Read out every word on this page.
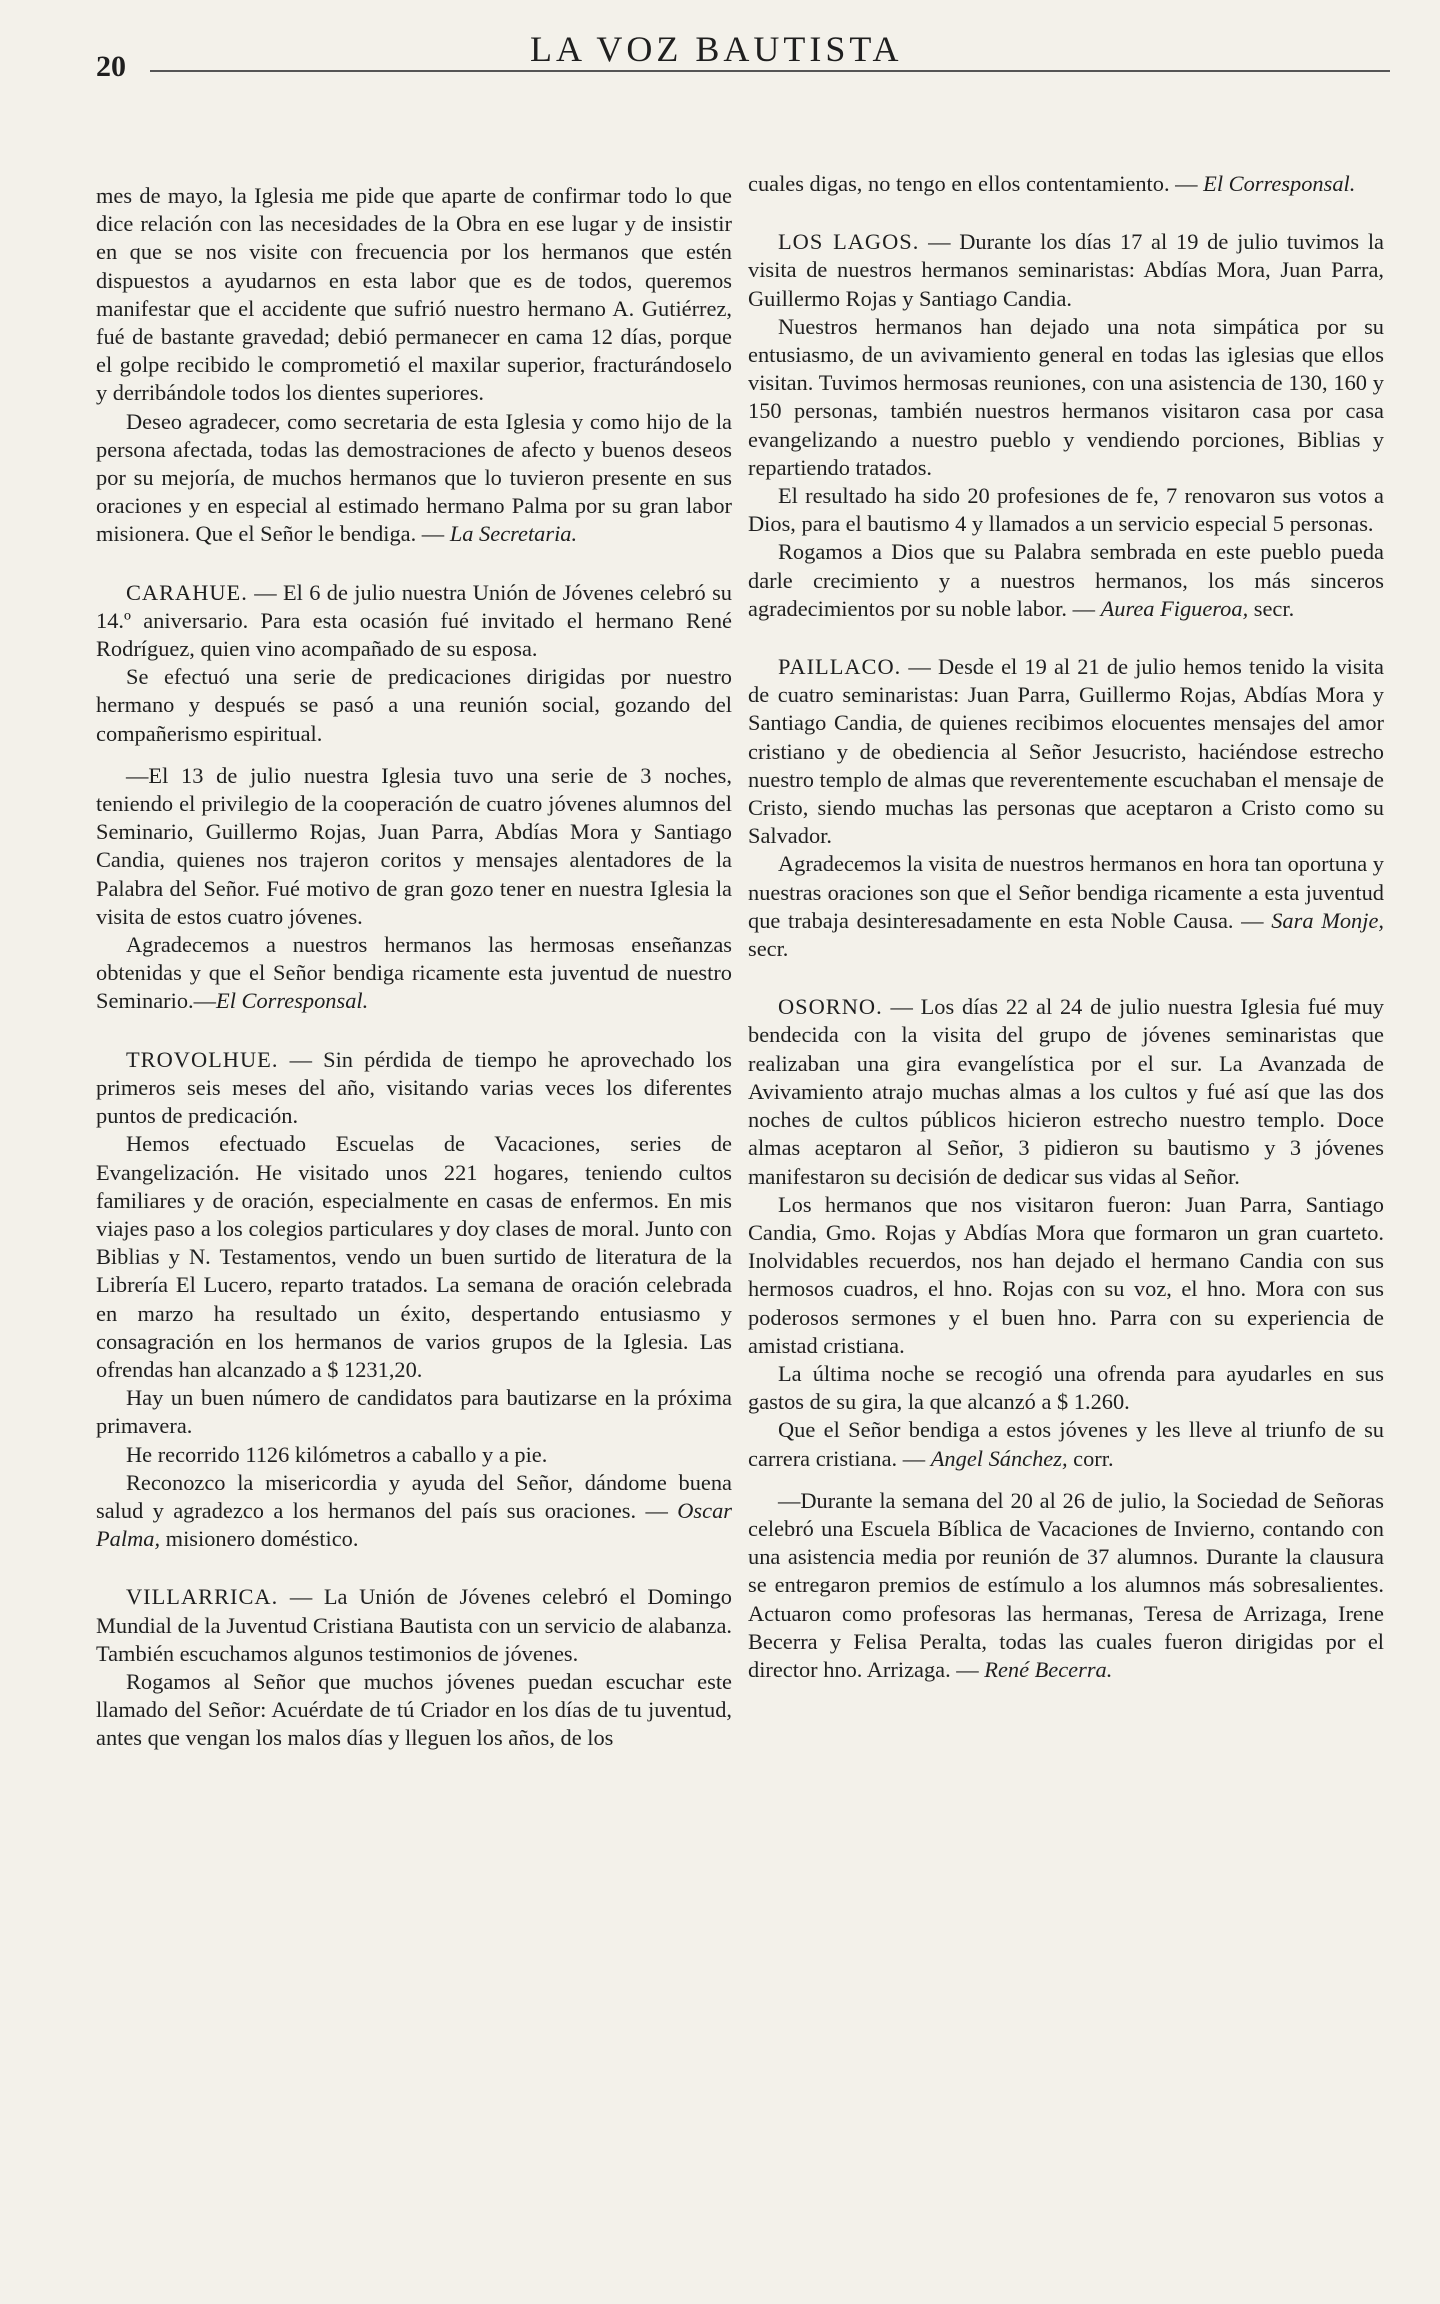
20	LA VOZ BAUTISTA

mes de mayo, la Iglesia me pide que aparte de confirmar todo lo que dice relación con las necesidades de la Obra en ese lugar y de insistir en que se nos visite con frecuencia por los hermanos que estén dispuestos a ayudarnos en esta labor que es de todos, queremos manifestar que el accidente que sufrió nuestro hermano A. Gutiérrez, fué de bastante gravedad; debió permanecer en cama 12 días, porque el golpe recibido le comprometió el maxilar superior, fracturándoselo y derribándole todos los dientes superiores.

Deseo agradecer, como secretaria de esta Iglesia y como hijo de la persona afectada, todas las demostraciones de afecto y buenos deseos por su mejoría, de muchos hermanos que lo tuvieron presente en sus oraciones y en especial al estimado hermano Palma por su gran labor misionera. Que el Señor le bendiga. — La Secretaria.

CARAHUE. — El 6 de julio nuestra Unión de Jóvenes celebró su 14.º aniversario. Para esta ocasión fué invitado el hermano René Rodríguez, quien vino acompañado de su esposa.

Se efectuó una serie de predicaciones dirigidas por nuestro hermano y después se pasó a una reunión social, gozando del compañerismo espiritual.

—El 13 de julio nuestra Iglesia tuvo una serie de 3 noches, teniendo el privilegio de la cooperación de cuatro jóvenes alumnos del Seminario, Guillermo Rojas, Juan Parra, Abdías Mora y Santiago Candia, quienes nos trajeron coritos y mensajes alentadores de la Palabra del Señor. Fué motivo de gran gozo tener en nuestra Iglesia la visita de estos cuatro jóvenes.

Agradecemos a nuestros hermanos las hermosas enseñanzas obtenidas y que el Señor bendiga ricamente esta juventud de nuestro Seminario.—El Corresponsal.

TROVOLHUE. — Sin pérdida de tiempo he aprovechado los primeros seis meses del año, visitando varias veces los diferentes puntos de predicación.

Hemos efectuado Escuelas de Vacaciones, series de Evangelización. He visitado unos 221 hogares, teniendo cultos familiares y de oración, especialmente en casas de enfermos. En mis viajes paso a los colegios particulares y doy clases de moral. Junto con Biblias y N. Testamentos, vendo un buen surtido de literatura de la Librería El Lucero, reparto tratados. La semana de oración celebrada en marzo ha resultado un éxito, despertando entusiasmo y consagración en los hermanos de varios grupos de la Iglesia. Las ofrendas han alcanzado a $ 1231,20.

Hay un buen número de candidatos para bautizarse en la próxima primavera.

He recorrido 1126 kilómetros a caballo y a pie.

Reconozco la misericordia y ayuda del Señor, dándome buena salud y agradezco a los hermanos del país sus oraciones. — Oscar Palma, misionero doméstico.

VILLARRICA. — La Unión de Jóvenes celebró el Domingo Mundial de la Juventud Cristiana Bautista con un servicio de alabanza. También escuchamos algunos testimonios de jóvenes.

Rogamos al Señor que muchos jóvenes puedan escuchar este llamado del Señor: Acuérdate de tú Criador en los días de tu juventud, antes que vengan los malos días y lleguen los años, de los

cuales digas, no tengo en ellos contentamiento. — El Corresponsal.

LOS LAGOS. — Durante los días 17 al 19 de julio tuvimos la visita de nuestros hermanos seminaristas: Abdías Mora, Juan Parra, Guillermo Rojas y Santiago Candia.

Nuestros hermanos han dejado una nota simpática por su entusiasmo, de un avivamiento general en todas las iglesias que ellos visitan. Tuvimos hermosas reuniones, con una asistencia de 130, 160 y 150 personas, también nuestros hermanos visitaron casa por casa evangelizando a nuestro pueblo y vendiendo porciones, Biblias y repartiendo tratados.

El resultado ha sido 20 profesiones de fe, 7 renovaron sus votos a Dios, para el bautismo 4 y llamados a un servicio especial 5 personas.

Rogamos a Dios que su Palabra sembrada en este pueblo pueda darle crecimiento y a nuestros hermanos, los más sinceros agradecimientos por su noble labor. — Aurea Figueroa, secr.

PAILLACO. — Desde el 19 al 21 de julio hemos tenido la visita de cuatro seminaristas: Juan Parra, Guillermo Rojas, Abdías Mora y Santiago Candia, de quienes recibimos elocuentes mensajes del amor cristiano y de obediencia al Señor Jesucristo, haciéndose estrecho nuestro templo de almas que reverentemente escuchaban el mensaje de Cristo, siendo muchas las personas que aceptaron a Cristo como su Salvador.

Agradecemos la visita de nuestros hermanos en hora tan oportuna y nuestras oraciones son que el Señor bendiga ricamente a esta juventud que trabaja desinteresadamente en esta Noble Causa. — Sara Monje, secr.

OSORNO. — Los días 22 al 24 de julio nuestra Iglesia fué muy bendecida con la visita del grupo de jóvenes seminaristas que realizaban una gira evangelística por el sur. La Avanzada de Avivamiento atrajo muchas almas a los cultos y fué así que las dos noches de cultos públicos hicieron estrecho nuestro templo. Doce almas aceptaron al Señor, 3 pidieron su bautismo y 3 jóvenes manifestaron su decisión de dedicar sus vidas al Señor.

Los hermanos que nos visitaron fueron: Juan Parra, Santiago Candia, Gmo. Rojas y Abdías Mora que formaron un gran cuarteto. Inolvidables recuerdos, nos han dejado el hermano Candia con sus hermosos cuadros, el hno. Rojas con su voz, el hno. Mora con sus poderosos sermones y el buen hno. Parra con su experiencia de amistad cristiana.

La última noche se recogió una ofrenda para ayudarles en sus gastos de su gira, la que alcanzó a $ 1.260.

Que el Señor bendiga a estos jóvenes y les lleve al triunfo de su carrera cristiana. — Angel Sánchez, corr.

—Durante la semana del 20 al 26 de julio, la Sociedad de Señoras celebró una Escuela Bíblica de Vacaciones de Invierno, contando con una asistencia media por reunión de 37 alumnos. Durante la clausura se entregaron premios de estímulo a los alumnos más sobresalientes. Actuaron como profesoras las hermanas, Teresa de Arrizaga, Irene Becerra y Felisa Peralta, todas las cuales fueron dirigidas por el director hno. Arrizaga. — René Becerra.
